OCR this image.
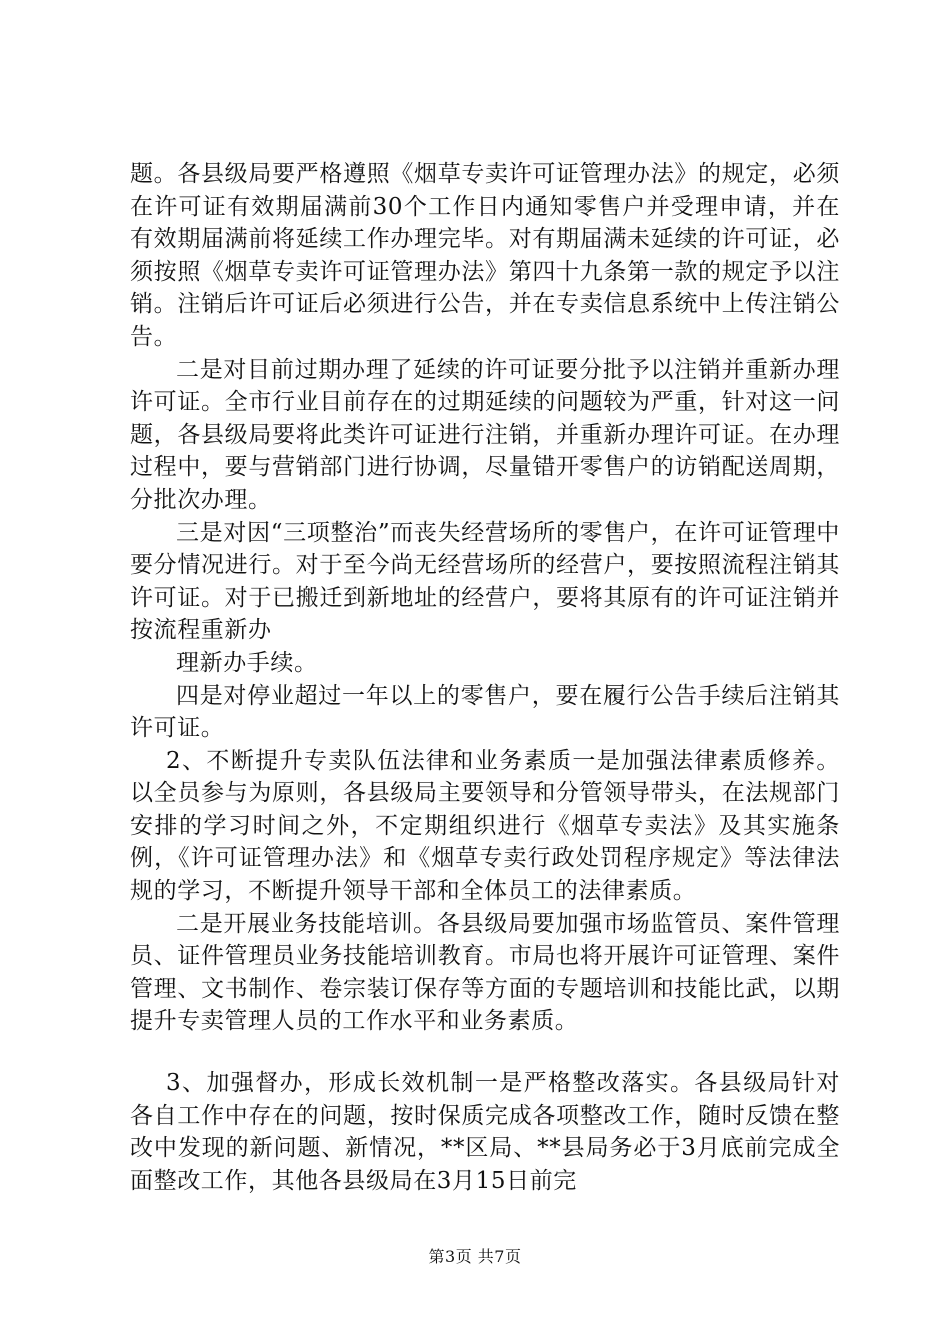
题。各县级局要严格遵照《烟草专卖许可证管理办法》的规定，必须在许可证有效期届满前30个工作日内通知零售户并受理申请，并在有效期届满前将延续工作办理完毕。对有期届满未延续的许可证，必须按照《烟草专卖许可证管理办法》第四十九条第一款的规定予以注销。注销后许可证后必须进行公告，并在专卖信息系统中上传注销公告。

二是对目前过期办理了延续的许可证要分批予以注销并重新办理许可证。全市行业目前存在的过期延续的问题较为严重，针对这一问题，各县级局要将此类许可证进行注销，并重新办理许可证。在办理过程中，要与营销部门进行协调，尽量错开零售户的访销配送周期，分批次办理。

三是对因“三项整治”而丧失经营场所的零售户，在许可证管理中要分情况进行。对于至今尚无经营场所的经营户，要按照流程注销其许可证。对于已搬迁到新地址的经营户，要将其原有的许可证注销并按流程重新办

理新办手续。

四是对停业超过一年以上的零售户，要在履行公告手续后注销其许可证。

2、不断提升专卖队伍法律和业务素质一是加强法律素质修养。以全员参与为原则，各县级局主要领导和分管领导带头，在法规部门安排的学习时间之外，不定期组织进行《烟草专卖法》及其实施条例，《许可证管理办法》和《烟草专卖行政处罚程序规定》等法律法规的学习，不断提升领导干部和全体员工的法律素质。

二是开展业务技能培训。各县级局要加强市场监管员、案件管理员、证件管理员业务技能培训教育。市局也将开展许可证管理、案件管理、文书制作、卷宗装订保存等方面的专题培训和技能比武，以期提升专卖管理人员的工作水平和业务素质。

3、加强督办，形成长效机制一是严格整改落实。各县级局针对各自工作中存在的问题，按时保质完成各项整改工作，随时反馈在整改中发现的新问题、新情况，**区局、**县局务必于3月底前完成全面整改工作，其他各县级局在3月15日前完

第3页 共7页
